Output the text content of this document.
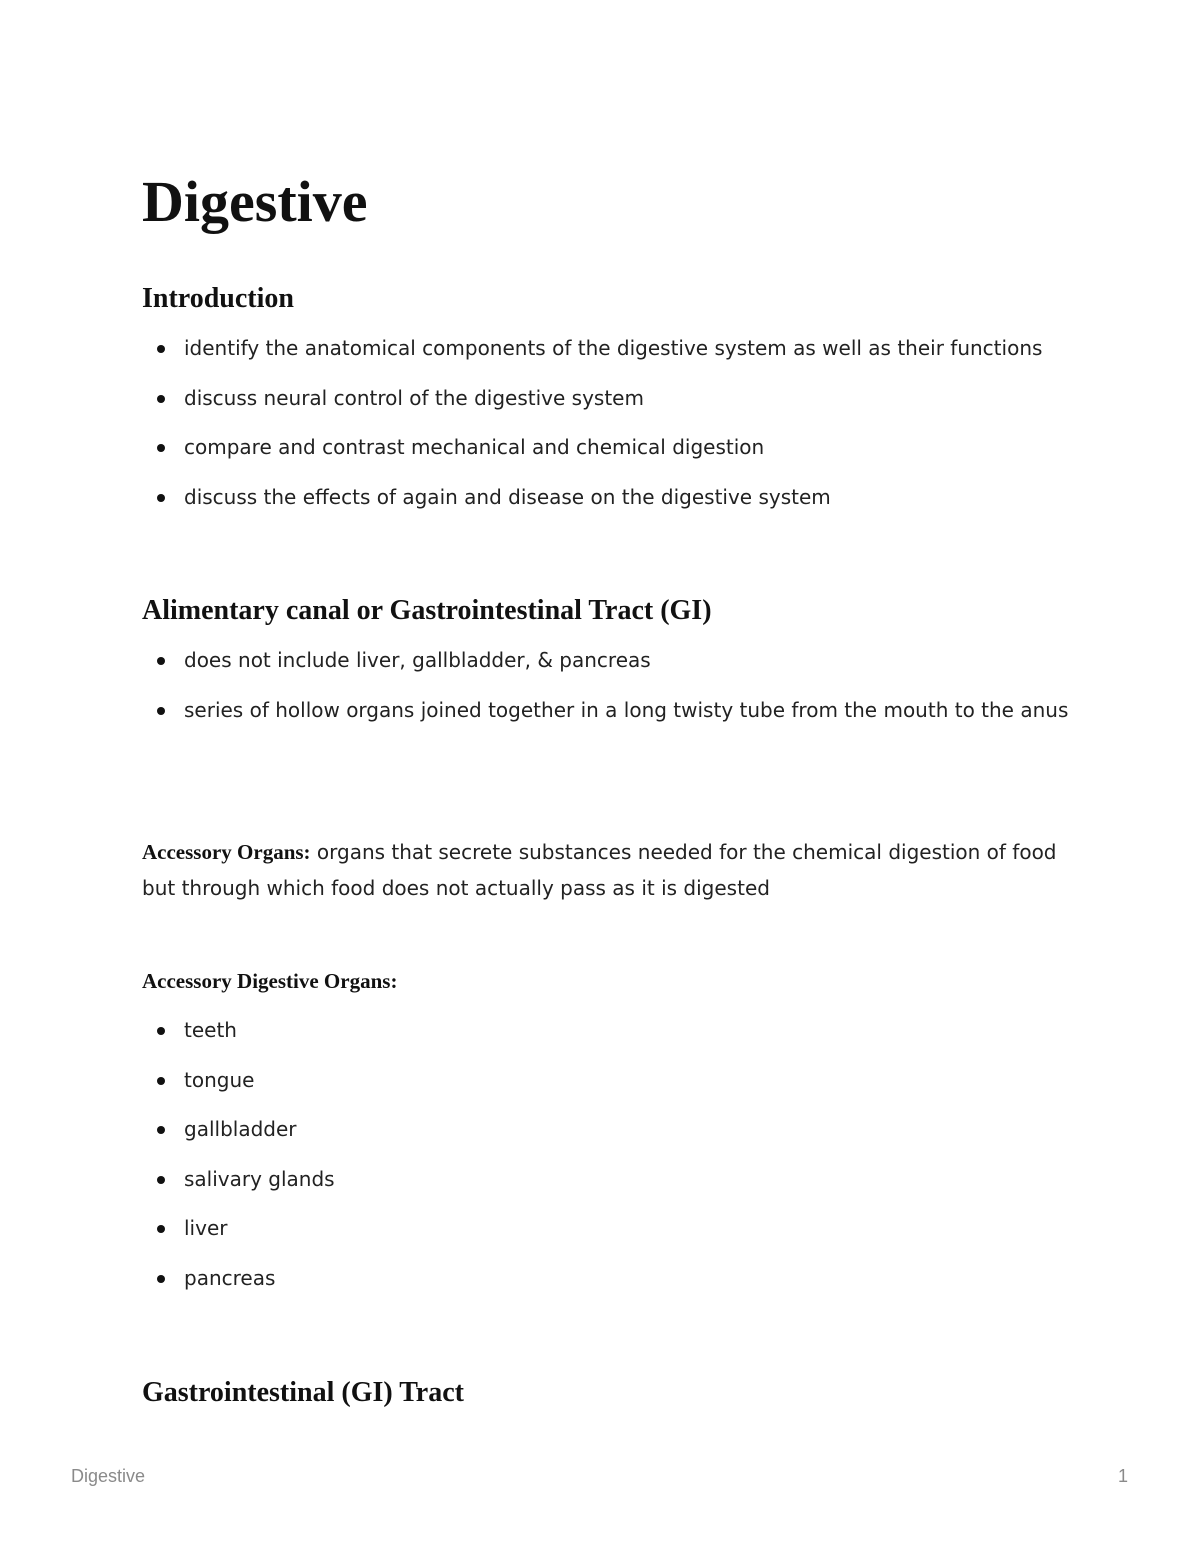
Digestive
Introduction
identify the anatomical components of the digestive system as well as their functions
discuss neural control of the digestive system
compare and contrast mechanical and chemical digestion
discuss the effects of again and disease on the digestive system
Alimentary canal or Gastrointestinal Tract (GI)
does not include liver, gallbladder, & pancreas
series of hollow organs joined together in a long twisty tube from the mouth to the anus

Accessory Organs: organs that secrete substances needed for the chemical digestion of food but through which food does not actually pass as it is digested

Accessory Digestive Organs:

teeth
tongue
gallbladder
salivary glands
liver
pancreas
Gastrointestinal (GI) Tract
Digestive	1
